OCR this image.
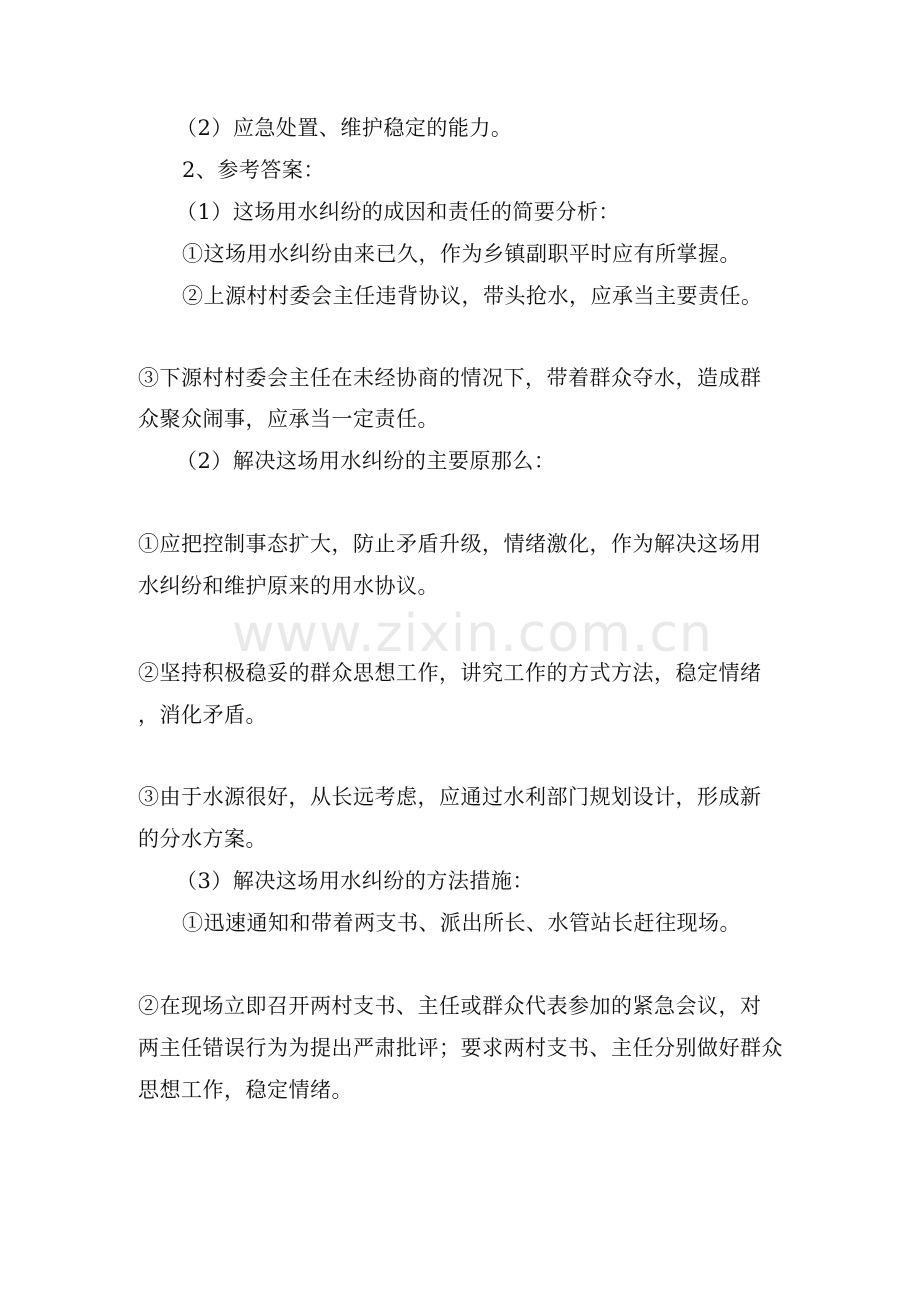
（2）应急处置、维护稳定的能力。
2、参考答案：
（1）这场用水纠纷的成因和责任的简要分析：
①这场用水纠纷由来已久，作为乡镇副职平时应有所掌握。
②上源村村委会主任违背协议，带头抢水，应承当主要责任。
③下源村村委会主任在未经协商的情况下，带着群众夺水，造成群
众聚众闹事，应承当一定责任。
（2）解决这场用水纠纷的主要原那么：
①应把控制事态扩大，防止矛盾升级，情绪激化，作为解决这场用
水纠纷和维护原来的用水协议。
②坚持积极稳妥的群众思想工作，讲究工作的方式方法，稳定情绪
，消化矛盾。
③由于水源很好，从长远考虑，应通过水利部门规划设计，形成新
的分水方案。
（3）解决这场用水纠纷的方法措施：
①迅速通知和带着两支书、派出所长、水管站长赶往现场。
②在现场立即召开两村支书、主任或群众代表参加的紧急会议，对
两主任错误行为为提出严肃批评；要求两村支书、主任分别做好群众
思想工作，稳定情绪。
www.zixin.com.cn
